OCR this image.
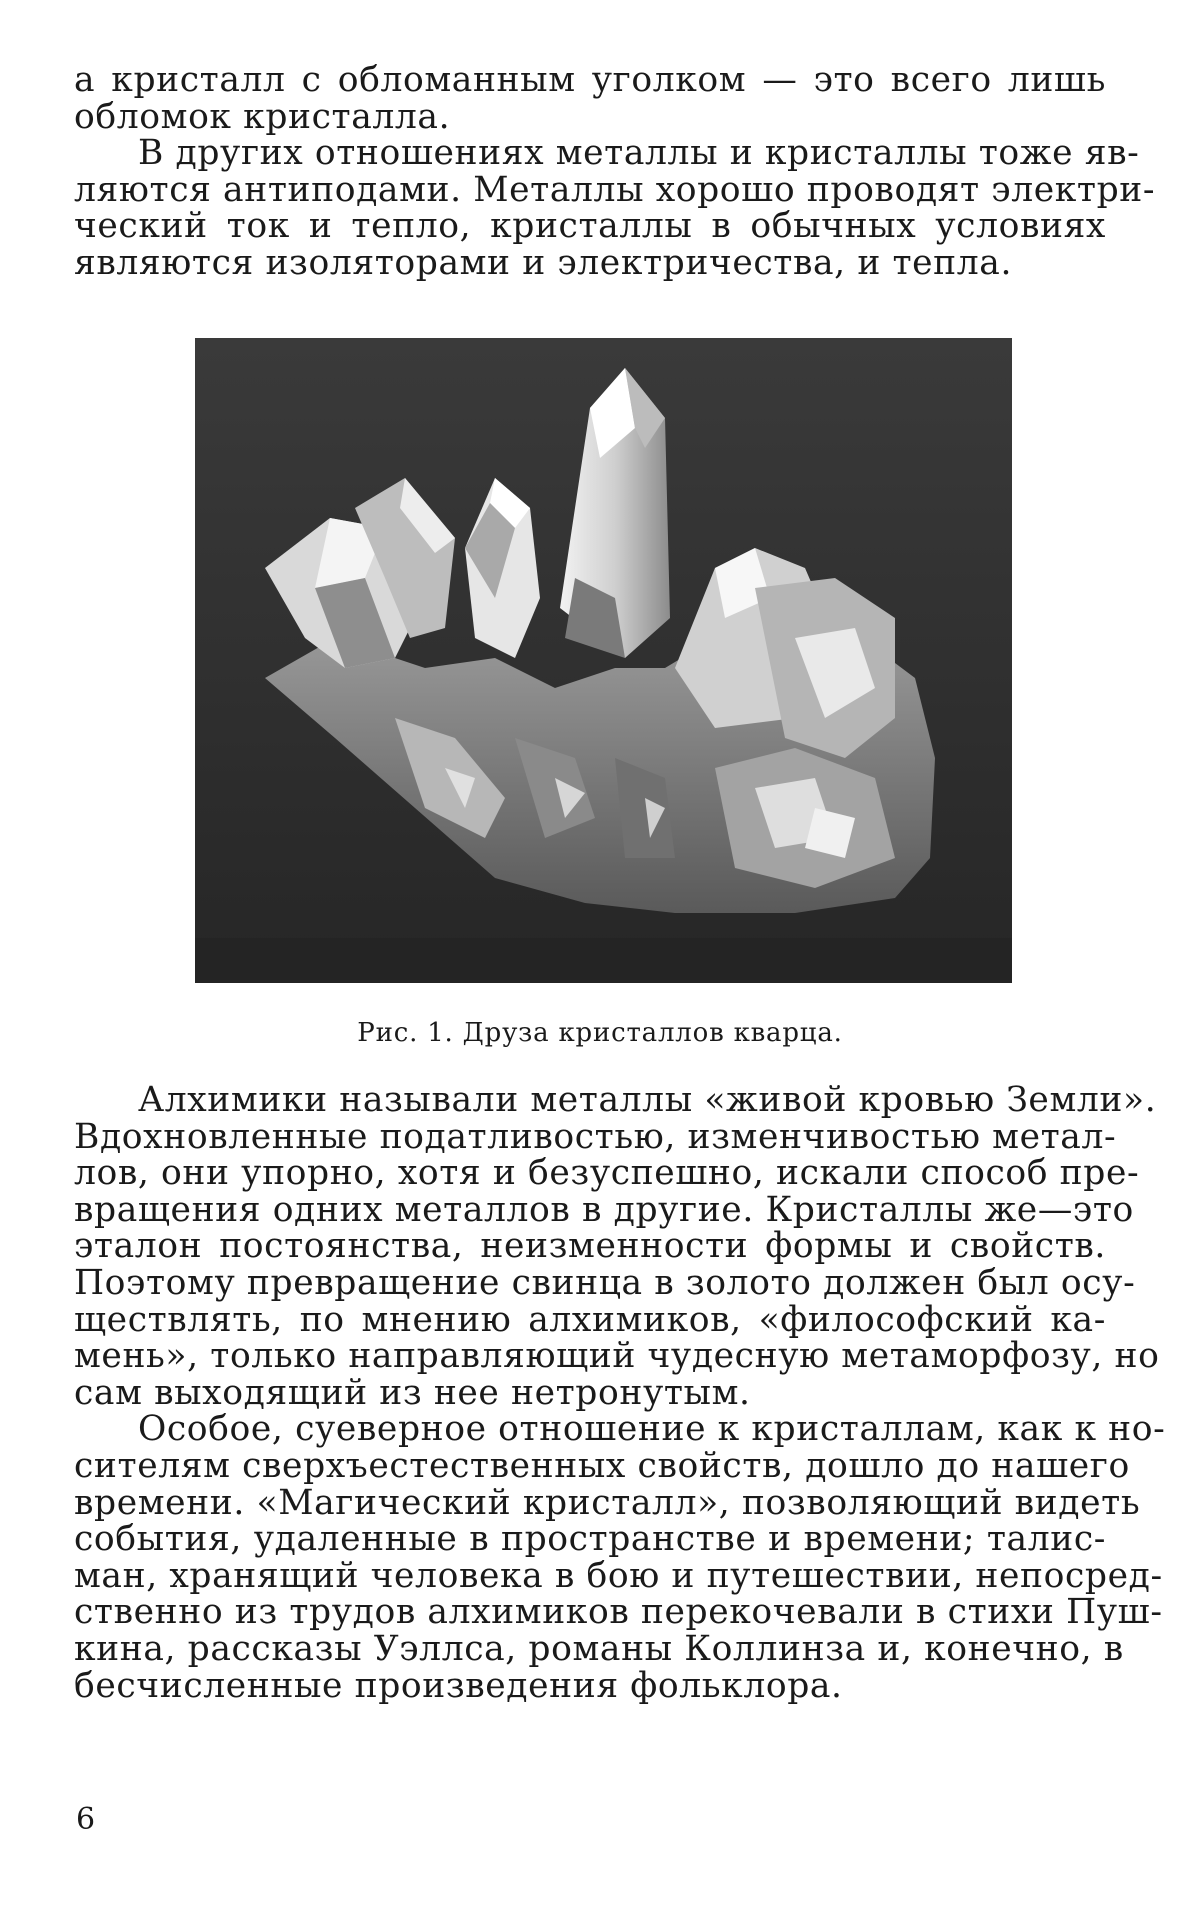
а кристалл с обломанным уголком — это всего лишь
обломок кристалла.
В других отношениях металлы и кристаллы тоже яв-
ляются антиподами. Металлы хорошо проводят электри-
ческий ток и тепло, кристаллы в обычных условиях
являются изоляторами и электричества, и тепла.
Рис. 1. Друза кристаллов кварца.
Алхимики называли металлы «живой кровью Земли».
Вдохновленные податливостью, изменчивостью метал-
лов, они упорно, хотя и безуспешно, искали способ пре-
вращения одних металлов в другие. Кристаллы же—это
эталон постоянства, неизменности формы и свойств.
Поэтому превращение свинца в золото должен был осу-
ществлять, по мнению алхимиков, «философский ка-
мень», только направляющий чудесную метаморфозу, но
сам выходящий из нее нетронутым.
Особое, суеверное отношение к кристаллам, как к но-
сителям сверхъестественных свойств, дошло до нашего
времени. «Магический кристалл», позволяющий видеть
события, удаленные в пространстве и времени; талис-
ман, хранящий человека в бою и путешествии, непосред-
ственно из трудов алхимиков перекочевали в стихи Пуш-
кина, рассказы Уэллса, романы Коллинза и, конечно, в
бесчисленные произведения фольклора.
6
